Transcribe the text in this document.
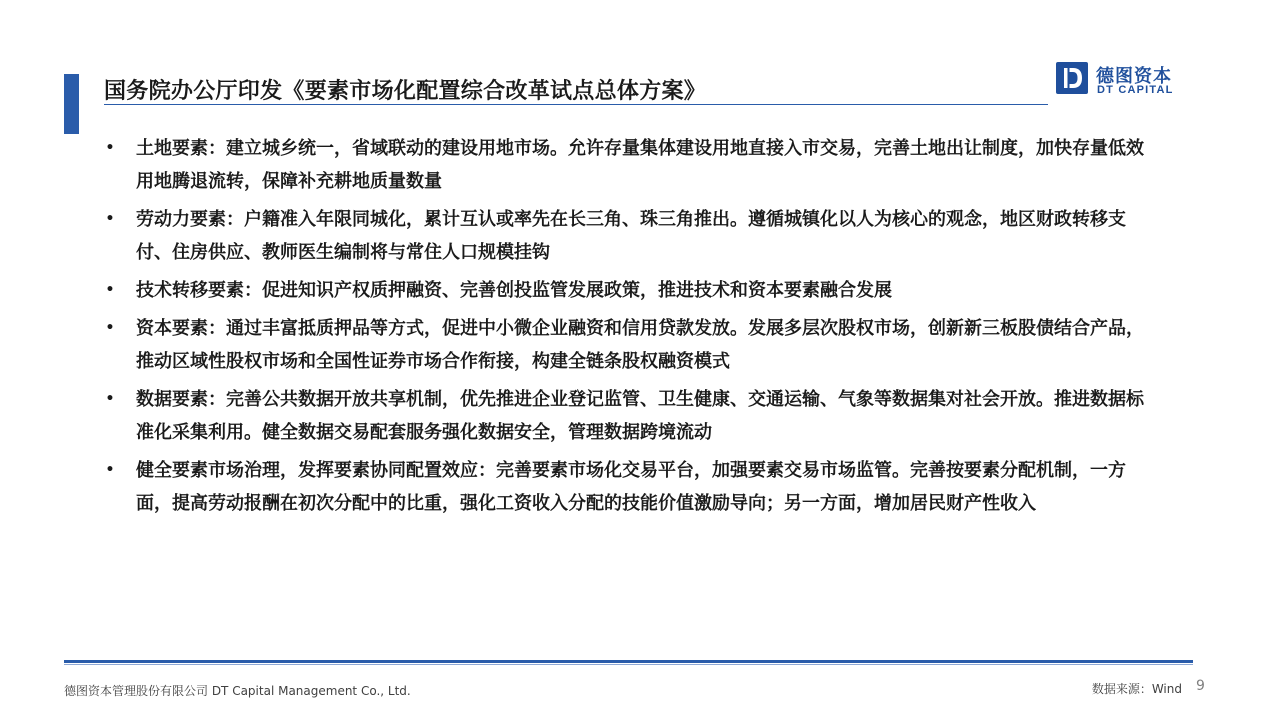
国务院办公厅印发《要素市场化配置综合改革试点总体方案》
德图资本
DT CAPITAL
• 土地要素：建立城乡统一，省域联动的建设用地市场。允许存量集体建设用地直接入市交易，完善土地出让制度，加快存量低效用地腾退流转，保障补充耕地质量数量
• 劳动力要素：户籍准入年限同城化，累计互认或率先在长三角、珠三角推出。遵循城镇化以人为核心的观念，地区财政转移支付、住房供应、教师医生编制将与常住人口规模挂钩
• 技术转移要素：促进知识产权质押融资、完善创投监管发展政策，推进技术和资本要素融合发展
• 资本要素：通过丰富抵质押品等方式，促进中小微企业融资和信用贷款发放。发展多层次股权市场，创新新三板股债结合产品，推动区域性股权市场和全国性证券市场合作衔接，构建全链条股权融资模式
• 数据要素：完善公共数据开放共享机制，优先推进企业登记监管、卫生健康、交通运输、气象等数据集对社会开放。推进数据标准化采集利用。健全数据交易配套服务强化数据安全，管理数据跨境流动
• 健全要素市场治理，发挥要素协同配置效应：完善要素市场化交易平台，加强要素交易市场监管。完善按要素分配机制，一方面，提高劳动报酬在初次分配中的比重，强化工资收入分配的技能价值激励导向；另一方面，增加居民财产性收入
德图资本管理股份有限公司 DT Capital Management Co., Ltd.	数据来源：Wind 9
